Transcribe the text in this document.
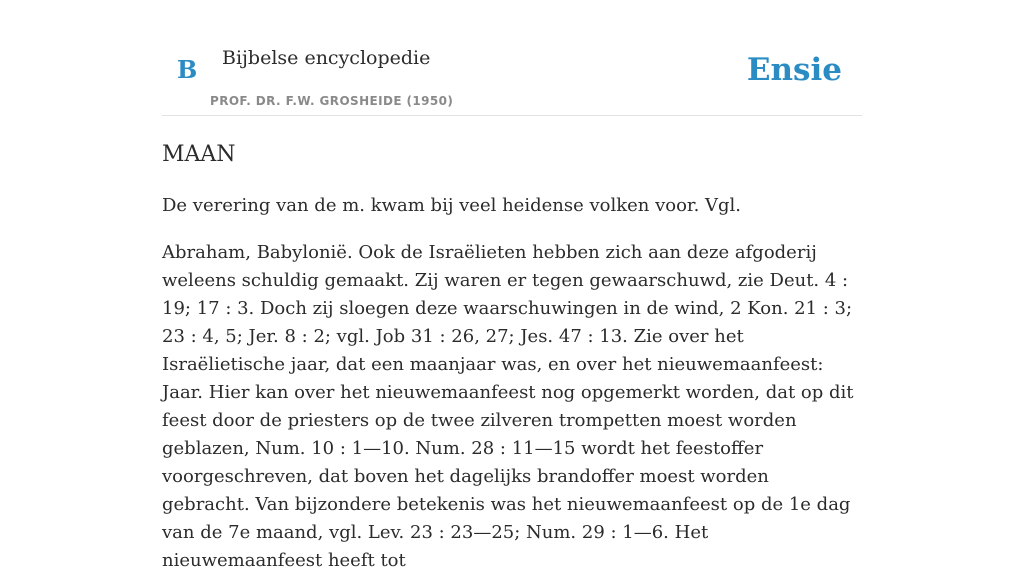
B Bijbelse encyclopedie
PROF. DR. F.W. GROSHEIDE (1950)
Ensie
MAAN

De verering van de m. kwam bij veel heidense volken voor. Vgl.

Abraham, Babylonië. Ook de Israëlieten hebben zich aan deze afgoderij weleens schuldig gemaakt. Zij waren er tegen gewaarschuwd, zie Deut. 4 : 19; 17 : 3. Doch zij sloegen deze waarschuwingen in de wind, 2 Kon. 21 : 3; 23 : 4, 5; Jer. 8 : 2; vgl. Job 31 : 26, 27; Jes. 47 : 13. Zie over het Israëlietische jaar, dat een maanjaar was, en over het nieuwemaanfeest: Jaar. Hier kan over het nieuwemaanfeest nog opgemerkt worden, dat op dit feest door de priesters op de twee zilveren trompetten moest worden geblazen, Num. 10 : 1—10. Num. 28 : 11—15 wordt het feestoffer voorgeschreven, dat boven het dagelijks brandoffer moest worden gebracht. Van bijzondere betekenis was het nieuwemaanfeest op de 1e dag van de 7e maand, vgl. Lev. 23 : 23—25; Num. 29 : 1—6. Het nieuwemaanfeest heeft tot
